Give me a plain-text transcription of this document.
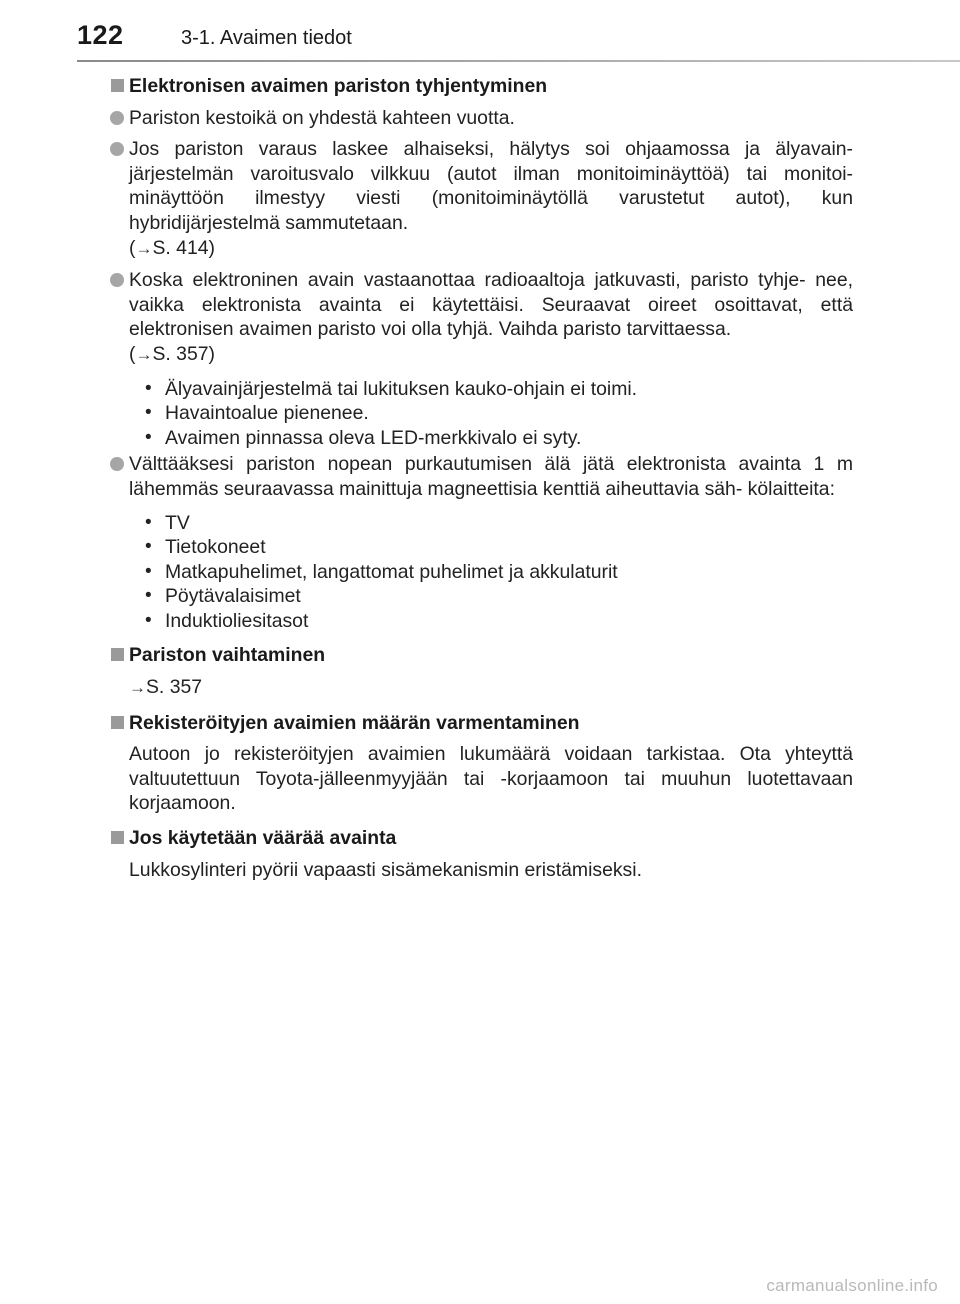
122	3-1. Avaimen tiedot
Elektronisen avaimen pariston tyhjentyminen
Pariston kestoikä on yhdestä kahteen vuotta.
Jos pariston varaus laskee alhaiseksi, hälytys soi ohjaamossa ja älyavain- järjestelmän varoitusvalo vilkkuu (autot ilman monitoiminäyttöä) tai monitoi- minäyttöön ilmestyy viesti (monitoiminäytöllä varustetut autot), kun hybridijärjestelmä sammutetaan.
(→S. 414)
Koska elektroninen avain vastaanottaa radioaaltoja jatkuvasti, paristo tyhje- nee, vaikka elektronista avainta ei käytettäisi. Seuraavat oireet osoittavat, että elektronisen avaimen paristo voi olla tyhjä. Vaihda paristo tarvittaessa.
(→S. 357)
• Älyavainjärjestelmä tai lukituksen kauko-ohjain ei toimi.
• Havaintoalue pienenee.
• Avaimen pinnassa oleva LED-merkkivalo ei syty.
Välttääksesi pariston nopean purkautumisen älä jätä elektronista avainta 1 m lähemmäs seuraavassa mainittuja magneettisia kenttiä aiheuttavia säh- kölaitteita:
• TV
• Tietokoneet
• Matkapuhelimet, langattomat puhelimet ja akkulaturit
• Pöytävalaisimet
• Induktioliesitasot
Pariston vaihtaminen
→S. 357
Rekisteröityjen avaimien määrän varmentaminen
Autoon jo rekisteröityjen avaimien lukumäärä voidaan tarkistaa. Ota yhteyttä valtuutettuun Toyota-jälleenmyyjään tai -korjaamoon tai muuhun luotettavaan korjaamoon.
Jos käytetään väärää avainta
Lukkosylinteri pyörii vapaasti sisämekanismin eristämiseksi.
carmanualsonline.info
